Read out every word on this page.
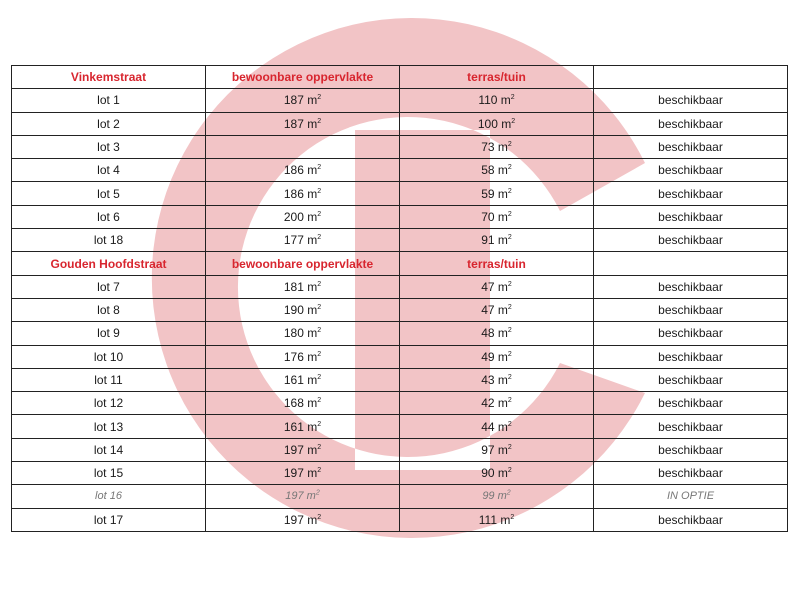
Vinkemstraat	bewoonbare oppervlakte	terras/tuin	
lot 1	187 $m^2$	110 $m^2$	beschikbaar
lot 2	187 $m^2$	100 $m^2$	beschikbaar
lot 3		73 $m^2$	beschikbaar
lot 4	186 $m^2$	58 $m^2$	beschikbaar
lot 5	186 $m^2$	59 $m^2$	beschikbaar
lot 6	200 $m^2$	70 $m^2$	beschikbaar
lot 18	177 $m^2$	91 $m^2$	beschikbaar
Gouden Hoofdstraat	bewoonbare oppervlakte	terras/tuin	
lot 7	181 $m^2$	47 $m^2$	beschikbaar
lot 8	190 $m^2$	47 $m^2$	beschikbaar
lot 9	180 $m^2$	48 $m^2$	beschikbaar
lot 10	176 $m^2$	49 $m^2$	beschikbaar
lot 11	161 $m^2$	43 $m^2$	beschikbaar
lot 12	168 $m^2$	42 $m^2$	beschikbaar
lot 13	161 $m^2$	44 $m^2$	beschikbaar
lot 14	197 $m^2$	97 $m^2$	beschikbaar
lot 15	197 $m^2$	90 $m^2$	beschikbaar
lot 16	197 $m^2$	99 $m^2$	IN OPTIE
lot 17	197 $m^2$	111 $m^2$	beschikbaar
